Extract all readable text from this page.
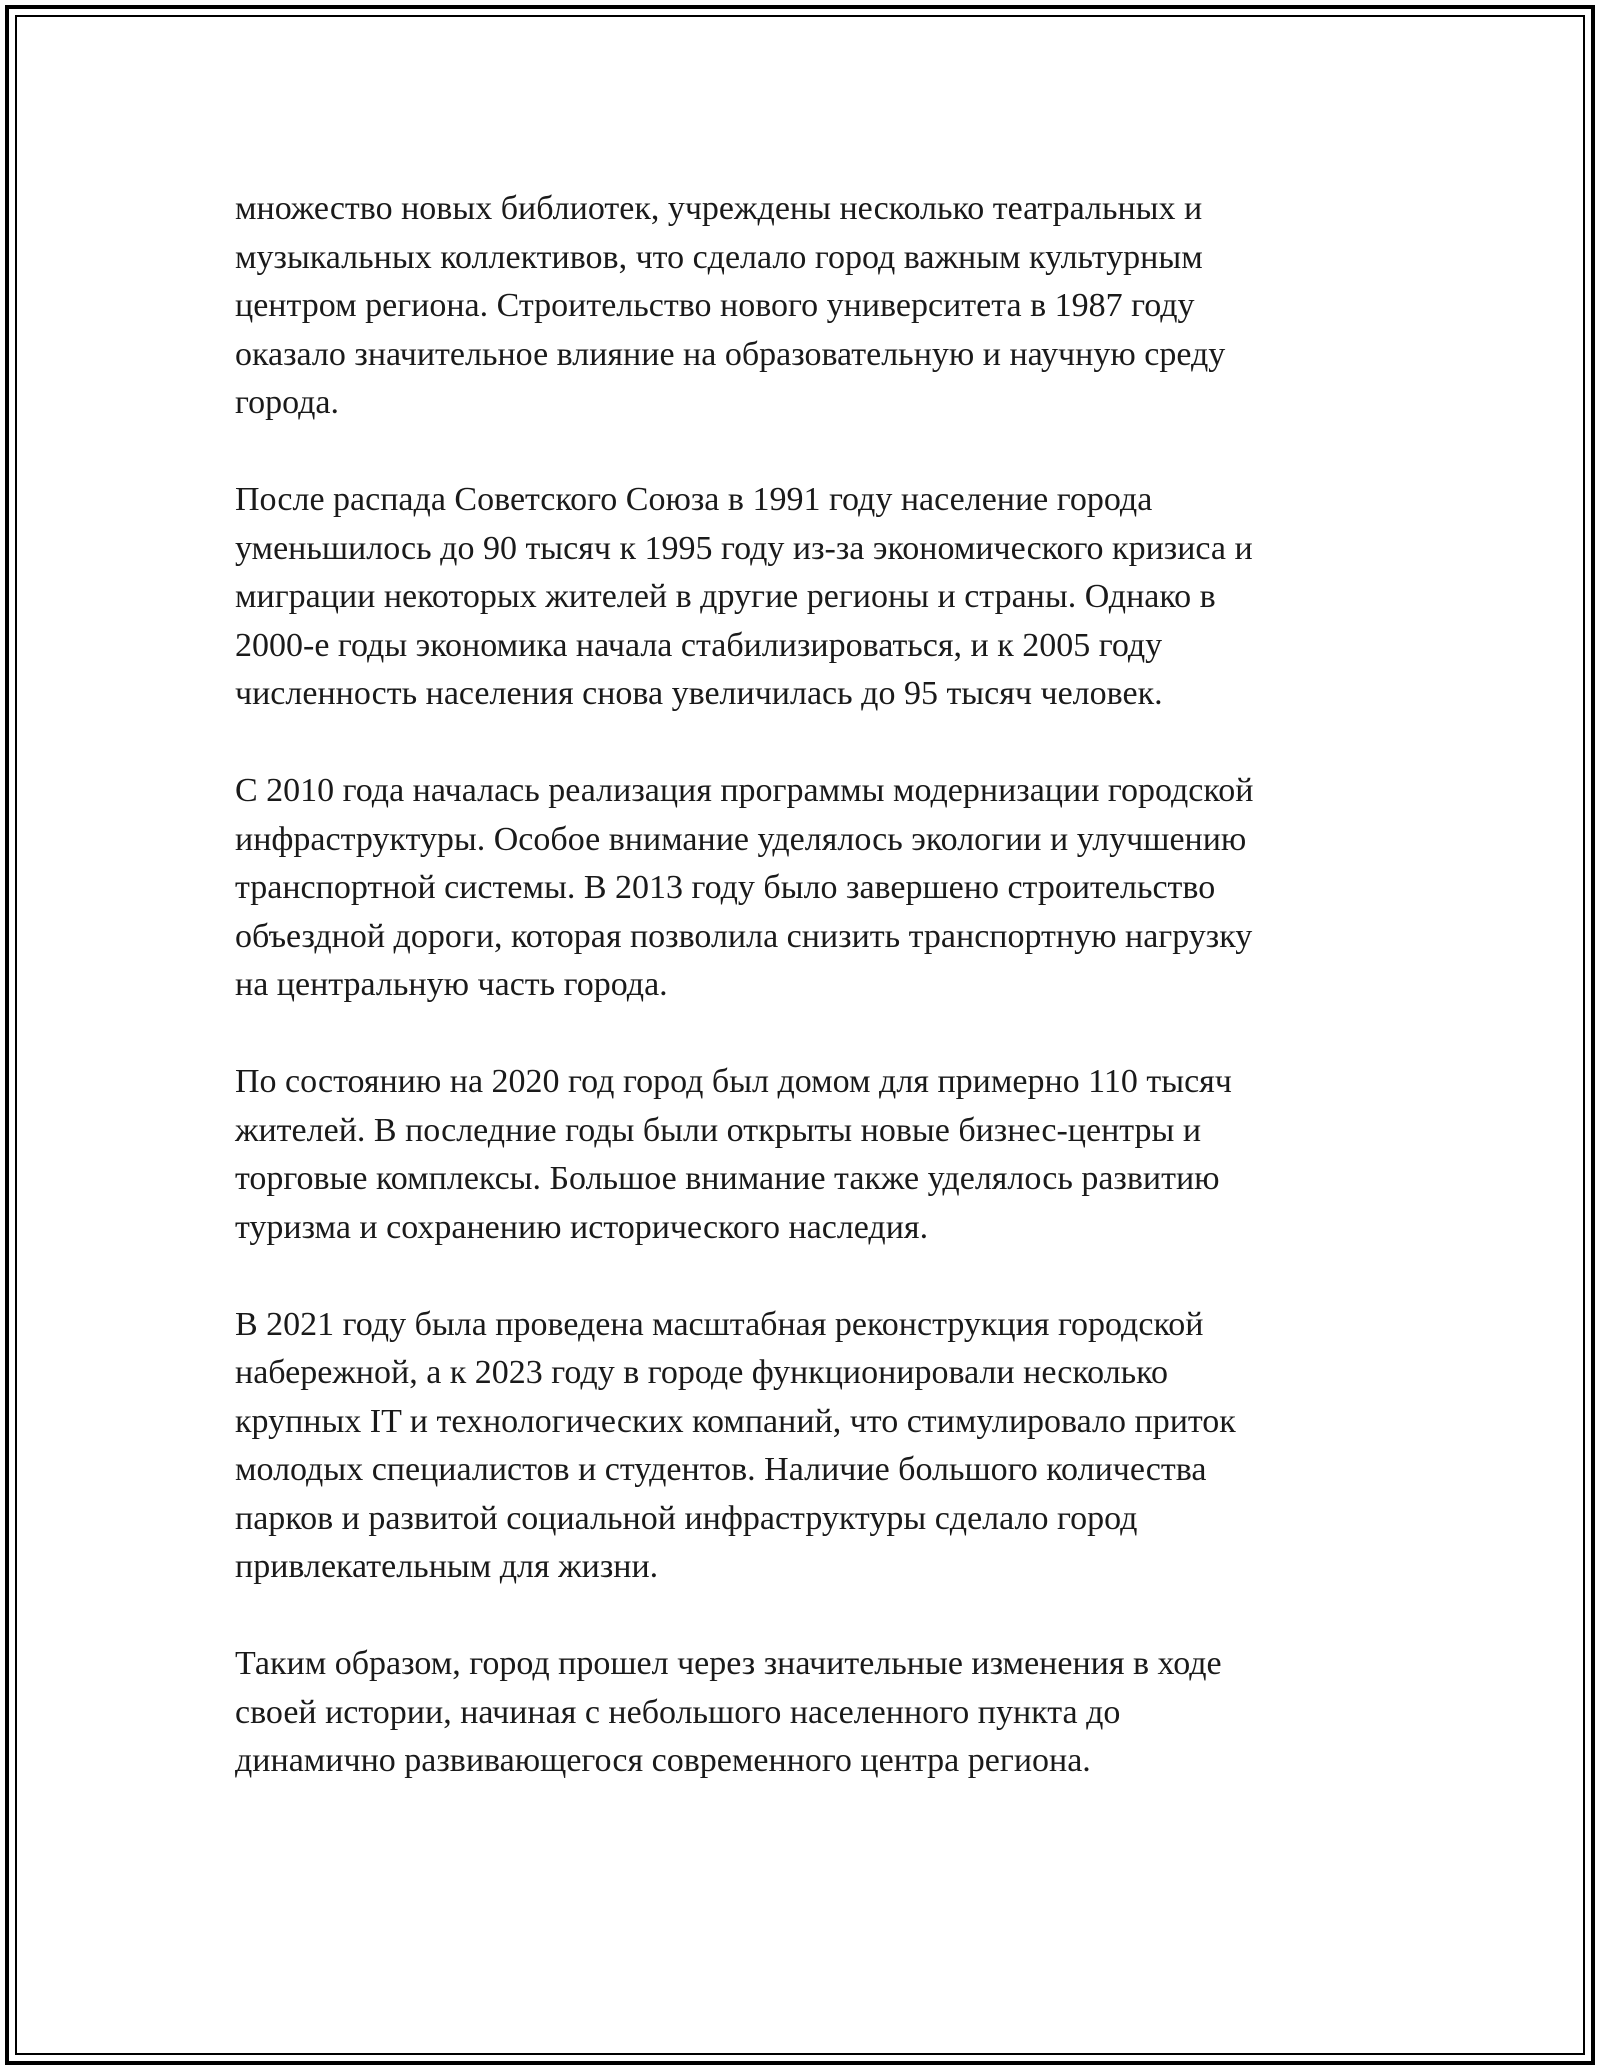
множество новых библиотек, учреждены несколько театральных и
музыкальных коллективов, что сделало город важным культурным
центром региона. Строительство нового университета в 1987 году
оказало значительное влияние на образовательную и научную среду
города.

После распада Советского Союза в 1991 году население города
уменьшилось до 90 тысяч к 1995 году из-за экономического кризиса и
миграции некоторых жителей в другие регионы и страны. Однако в
2000-е годы экономика начала стабилизироваться, и к 2005 году
численность населения снова увеличилась до 95 тысяч человек.

С 2010 года началась реализация программы модернизации городской
инфраструктуры. Особое внимание уделялось экологии и улучшению
транспортной системы. В 2013 году было завершено строительство
объездной дороги, которая позволила снизить транспортную нагрузку
на центральную часть города.

По состоянию на 2020 год город был домом для примерно 110 тысяч
жителей. В последние годы были открыты новые бизнес-центры и
торговые комплексы. Большое внимание также уделялось развитию
туризма и сохранению исторического наследия.

В 2021 году была проведена масштабная реконструкция городской
набережной, а к 2023 году в городе функционировали несколько
крупных IT и технологических компаний, что стимулировало приток
молодых специалистов и студентов. Наличие большого количества
парков и развитой социальной инфраструктуры сделало город
привлекательным для жизни.

Таким образом, город прошел через значительные изменения в ходе
своей истории, начиная с небольшого населенного пункта до
динамично развивающегося современного центра региона.
